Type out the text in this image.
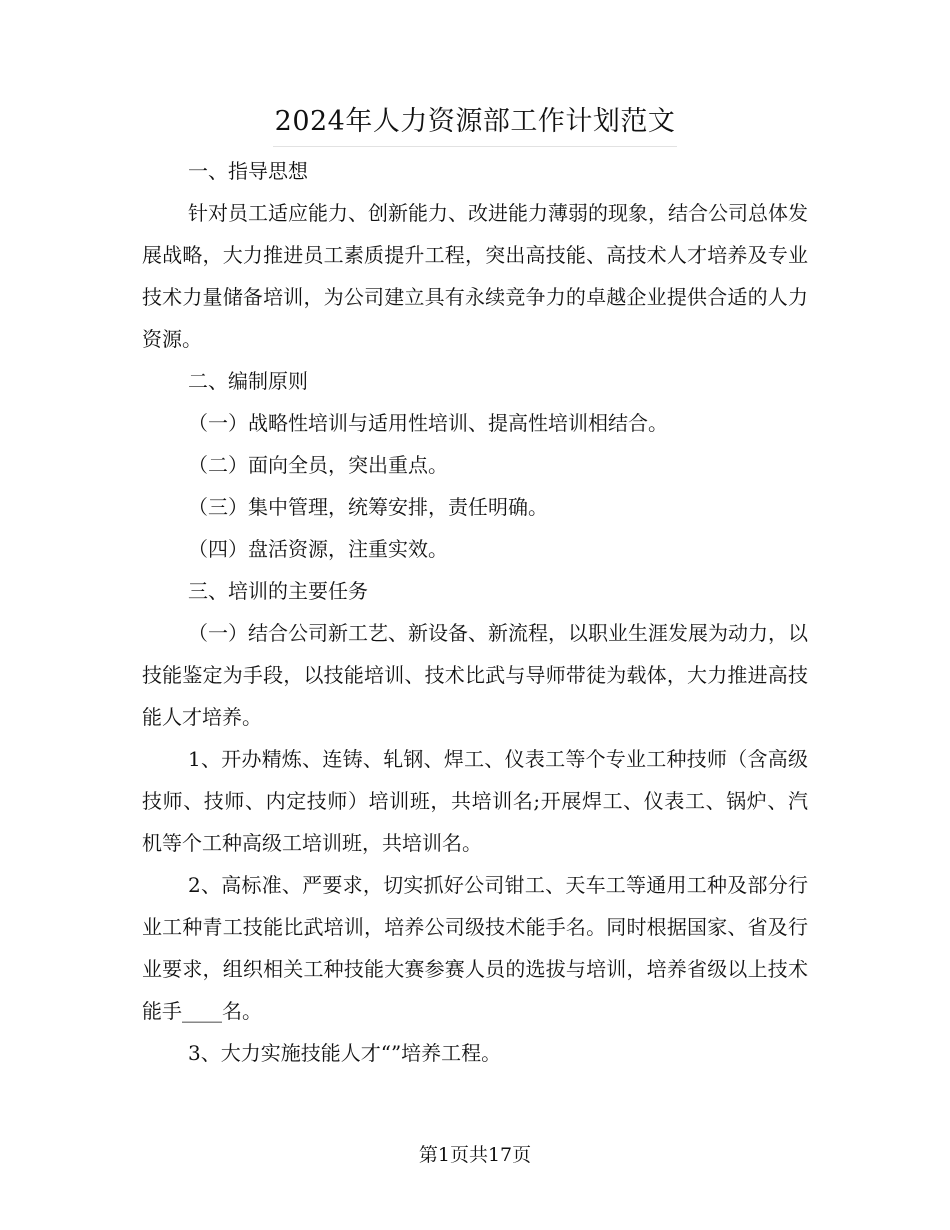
2024年人力资源部工作计划范文

一、指导思想

针对员工适应能力、创新能力、改进能力薄弱的现象，结合公司总体发展战略，大力推进员工素质提升工程，突出高技能、高技术人才培养及专业技术力量储备培训，为公司建立具有永续竞争力的卓越企业提供合适的人力资源。

二、编制原则

（一）战略性培训与适用性培训、提高性培训相结合。

（二）面向全员，突出重点。

（三）集中管理，统筹安排，责任明确。

（四）盘活资源，注重实效。

三、培训的主要任务

（一）结合公司新工艺、新设备、新流程，以职业生涯发展为动力，以技能鉴定为手段，以技能培训、技术比武与导师带徒为载体，大力推进高技能人才培养。

1、开办精炼、连铸、轧钢、焊工、仪表工等个专业工种技师（含高级技师、技师、内定技师）培训班，共培训名;开展焊工、仪表工、锅炉、汽机等个工种高级工培训班，共培训名。

2、高标准、严要求，切实抓好公司钳工、天车工等通用工种及部分行业工种青工技能比武培训，培养公司级技术能手名。同时根据国家、省及行业要求，组织相关工种技能大赛参赛人员的选拔与培训，培养省级以上技术能手____名。

3、大力实施技能人才“”培养工程。

第1页共17页
